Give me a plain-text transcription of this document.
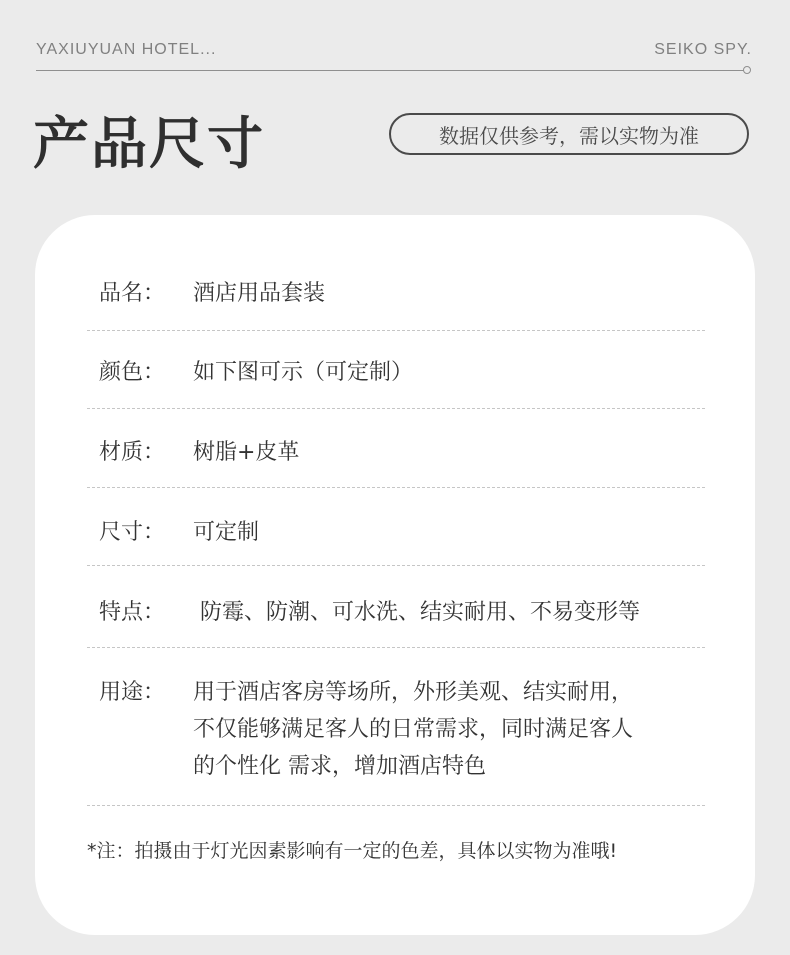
YAXIUYUAN HOTEL...	SEIKO SPY.
产品尺寸	数据仅供参考，需以实物为准
品名：	酒店用品套装
颜色：	如下图可示（可定制）
材质：	树脂+皮革
尺寸：	可定制
特点：	防霉、防潮、可水洗、结实耐用、不易变形等
用途：	用于酒店客房等场所，外形美观、结实耐用，
不仅能够满足客人的日常需求，同时满足客人
的个性化 需求，增加酒店特色
*注：拍摄由于灯光因素影响有一定的色差，具体以实物为准哦!
